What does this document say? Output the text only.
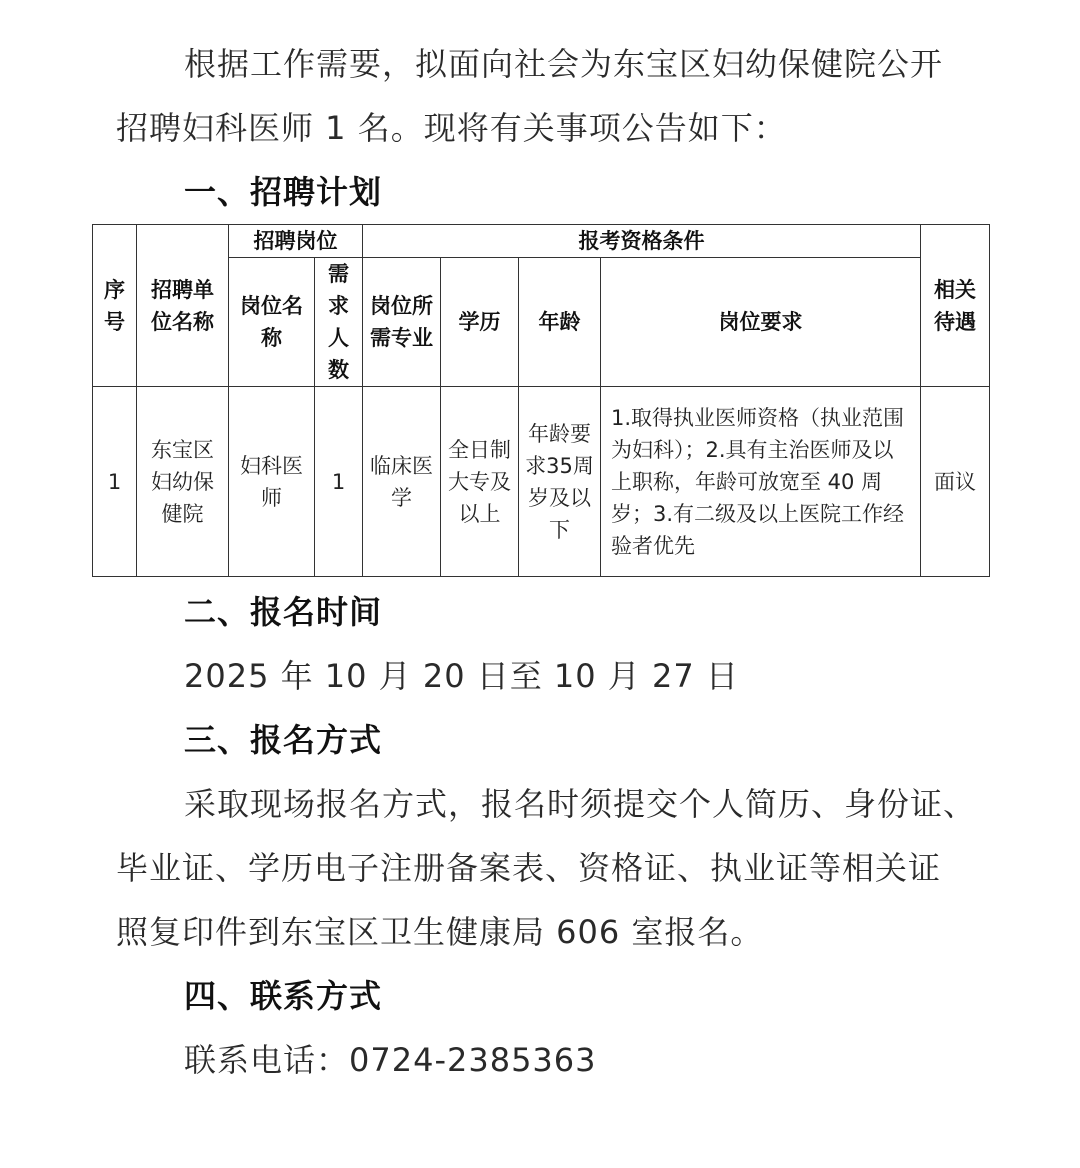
根据工作需要，拟面向社会为东宝区妇幼保健院公开
招聘妇科医师 1 名。现将有关事项公告如下：
一、招聘计划
序号	招聘单位名称	招聘岗位		报考资格条件				相关待遇
		岗位名称	需求人数	岗位所需专业	学历	年龄	岗位要求	
1	东宝区妇幼保健院	妇科医师	1	临床医学	全日制大专及以上	年龄要求35周岁及以下	1.取得执业医师资格（执业范围为妇科）；2.具有主治医师及以上职称，年龄可放宽至 40 周岁；3.有二级及以上医院工作经验者优先	面议
二、报名时间
2025 年 10 月 20 日至 10 月 27 日
三、报名方式
采取现场报名方式，报名时须提交个人简历、身份证、
毕业证、学历电子注册备案表、资格证、执业证等相关证
照复印件到东宝区卫生健康局 606 室报名。
四、联系方式
联系电话：0724-2385363
